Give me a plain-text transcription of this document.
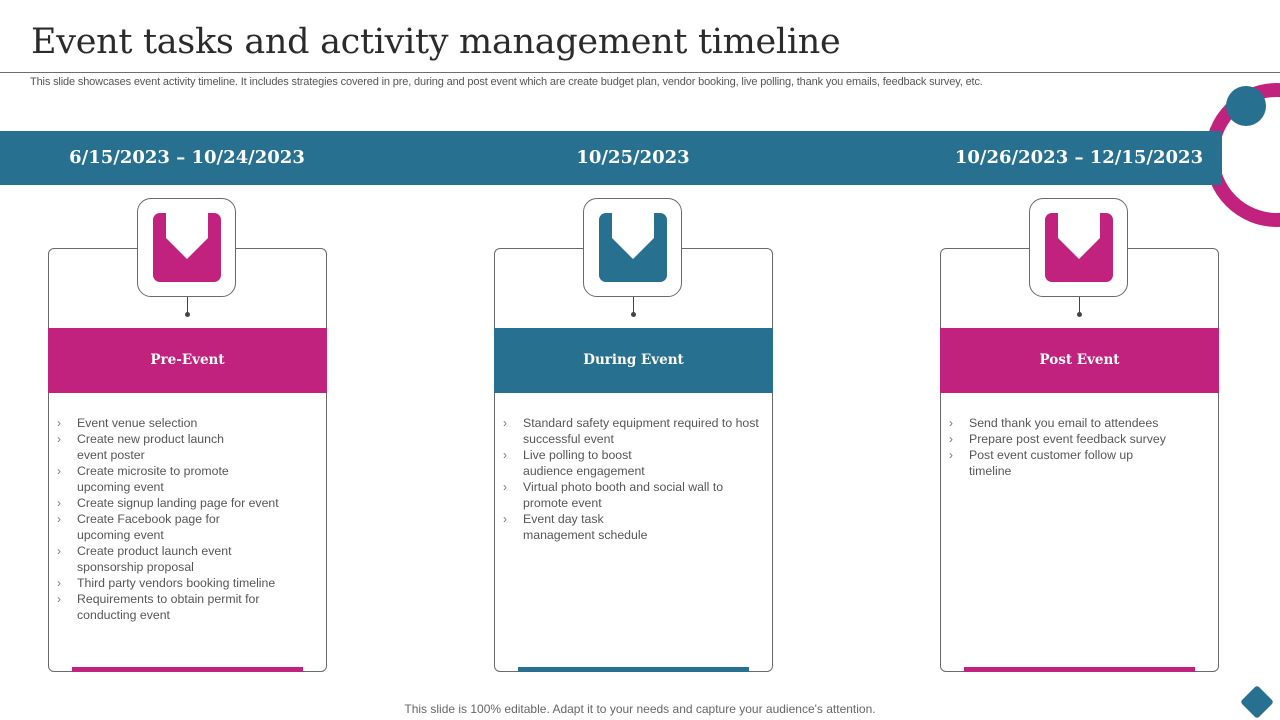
Event tasks and activity management timeline
This slide showcases event activity timeline. It includes strategies covered in pre, during and post event which are create budget plan, vendor booking, live polling, thank you emails, feedback survey, etc.
6/15/2023 – 10/24/2023	10/25/2023	10/26/2023 – 12/15/2023
Pre-Event
› Event venue selection
› Create new product launch event poster
› Create microsite to promote upcoming event
› Create signup landing page for event
› Create Facebook page for upcoming event
› Create product launch event sponsorship proposal
› Third party vendors booking timeline
› Requirements to obtain permit for conducting event
During Event
› Standard safety equipment required to host successful event
› Live polling to boost audience engagement
› Virtual photo booth and social wall to promote event
› Event day task management schedule
Post Event
› Send thank you email to attendees
› Prepare post event feedback survey
› Post event customer follow up timeline
This slide is 100% editable. Adapt it to your needs and capture your audience's attention.
